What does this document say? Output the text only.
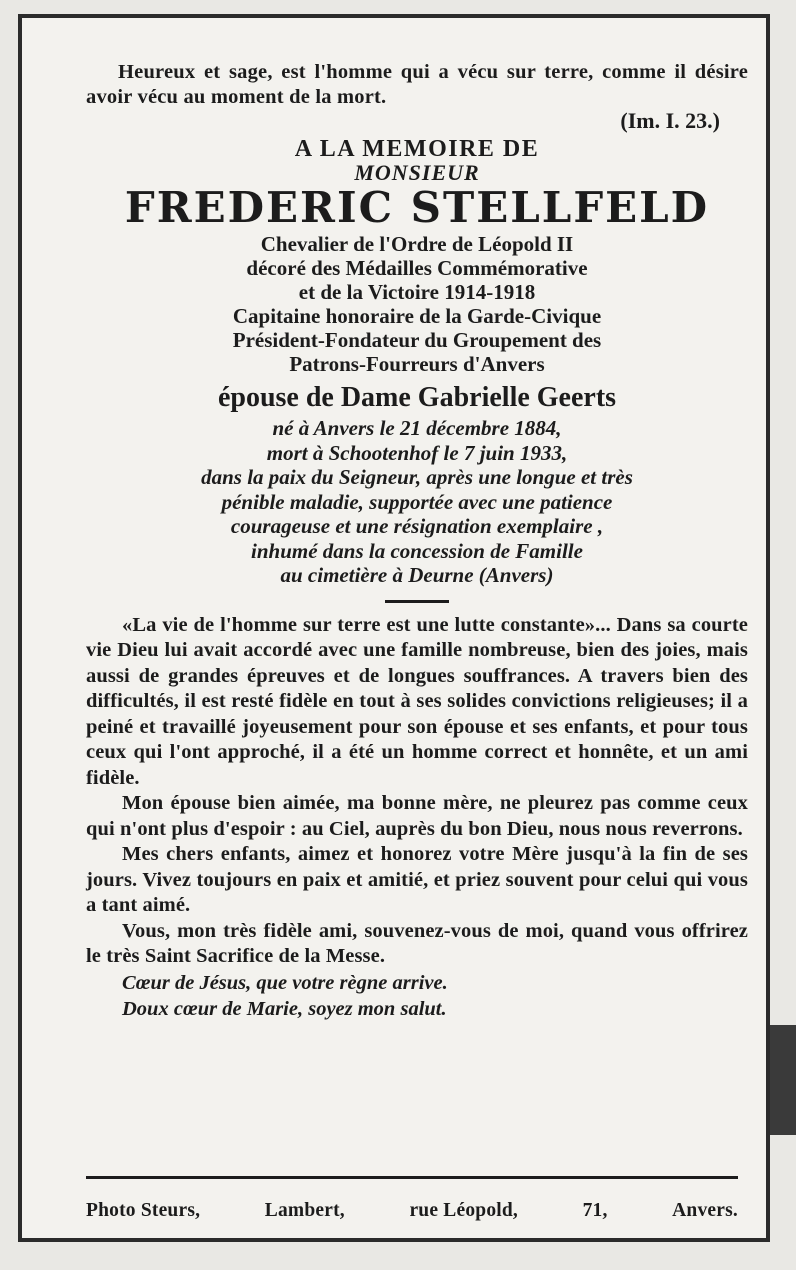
Heureux et sage, est l'homme qui a vécu sur terre, comme il désire avoir vécu au moment de la mort.
(Im. I. 23.)
A LA MEMOIRE DE
MONSIEUR
FREDERIC STELLFELD
Chevalier de l'Ordre de Léopold II
décoré des Médailles Commémorative
et de la Victoire 1914-1918
Capitaine honoraire de la Garde-Civique
Président-Fondateur du Groupement des
Patrons-Fourreurs d'Anvers
épouse de Dame Gabrielle Geerts
né à Anvers le 21 décembre 1884,
mort à Schootenhof le 7 juin 1933,
dans la paix du Seigneur, après une longue et très
pénible maladie, supportée avec une patience
courageuse et une résignation exemplaire ,
inhumé dans la concession de Famille
au cimetière à Deurne (Anvers)

«La vie de l'homme sur terre est une lutte constante»... Dans sa courte vie Dieu lui avait accordé avec une famille nombreuse, bien des joies, mais aussi de grandes épreuves et de longues souffrances. A travers bien des difficultés, il est resté fidèle en tout à ses solides convictions religieuses; il a peiné et travaillé joyeusement pour son épouse et ses enfants, et pour tous ceux qui l'ont approché, il a été un homme correct et honnête, et un ami fidèle.

Mon épouse bien aimée, ma bonne mère, ne pleurez pas comme ceux qui n'ont plus d'espoir : au Ciel, auprès du bon Dieu, nous nous reverrons.

Mes chers enfants, aimez et honorez votre Mère jusqu'à la fin de ses jours. Vivez toujours en paix et amitié, et priez souvent pour celui qui vous a tant aimé.

Vous, mon très fidèle ami, souvenez-vous de moi, quand vous offrirez le très Saint Sacrifice de la Messe.

Cœur de Jésus, que votre règne arrive.
Doux cœur de Marie, soyez mon salut.
Photo Steurs,	Lambert,	rue Léopold,	71,	Anvers.
